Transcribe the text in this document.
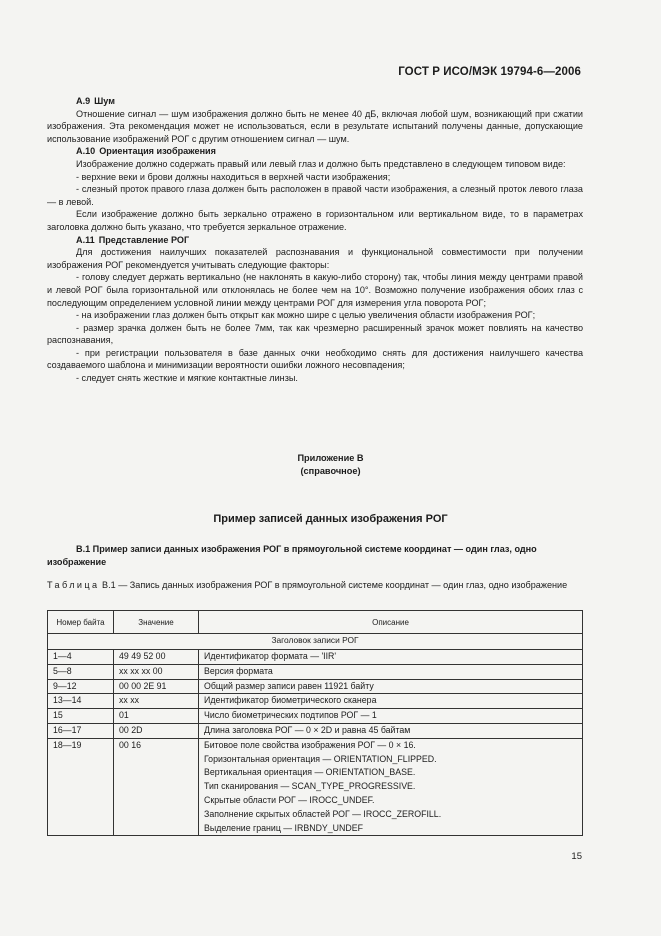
ГОСТ Р ИСО/МЭК 19794-6—2006

A.9 Шум

Отношение сигнал — шум изображения должно быть не менее 40 дБ, включая любой шум, возникающий при сжатии изображения. Эта рекомендация может не использоваться, если в результате испытаний получены данные, допускающие использование изображений РОГ с другим отношением сигнал — шум.

A.10 Ориентация изображения

Изображение должно содержать правый или левый глаз и должно быть представлено в следующем типовом виде:

- верхние веки и брови должны находиться в верхней части изображения;

- слезный проток правого глаза должен быть расположен в правой части изображения, а слезный проток левого глаза — в левой.

Если изображение должно быть зеркально отражено в горизонтальном или вертикальном виде, то в параметрах заголовка должно быть указано, что требуется зеркальное отражение.

A.11 Представление РОГ

Для достижения наилучших показателей распознавания и функциональной совместимости при получении изображения РОГ рекомендуется учитывать следующие факторы:

- голову следует держать вертикально (не наклонять в какую-либо сторону) так, чтобы линия между центрами правой и левой РОГ была горизонтальной или отклонялась не более чем на 10°. Возможно получение изображения обоих глаз с последующим определением условной линии между центрами РОГ для измерения угла поворота РОГ;

- на изображении глаз должен быть открыт как можно шире с целью увеличения области изображения РОГ;

- размер зрачка должен быть не более 7мм, так как чрезмерно расширенный зрачок может повлиять на качество распознавания,

- при регистрации пользователя в базе данных очки необходимо снять для достижения наилучшего качества создаваемого шаблона и минимизации вероятности ошибки ложного несовпадения;

- следует снять жесткие и мягкие контактные линзы.

Приложение В
(справочное)
Пример записей данных изображения РОГ

В.1 Пример записи данных изображения РОГ в прямоугольной системе координат — один глаз, одно изображение

Таблица В.1 — Запись данных изображения РОГ в прямоугольной системе координат — один глаз, одно изображение

Номер байта	Значение	Описание
Заголовок записи РОГ		
1—4	49 49 52 00	Идентификатор формата — 'IIR'
5—8	xx xx xx 00	Версия формата
9—12	00 00 2E 91	Общий размер записи равен 11921 байту
13—14	xx xx	Идентификатор биометрического сканера
15	01	Число биометрических подтипов РОГ — 1
16—17	00 2D	Длина заголовка РОГ — 0 × 2D и равна 45 байтам
18—19	00 16	Битовое поле свойства изображения РОГ — 0 × 16.
		Горизонтальная ориентация — ORIENTATION_FLIPPED.
		Вертикальная ориентация — ORIENTATION_BASE.
		Тип сканирования — SCAN_TYPE_PROGRESSIVE.
		Скрытые области РОГ — IROCC_UNDEF.
		Заполнение скрытых областей РОГ — IROCC_ZEROFILL.
		Выделение границ — IRBNDY_UNDEF
15
